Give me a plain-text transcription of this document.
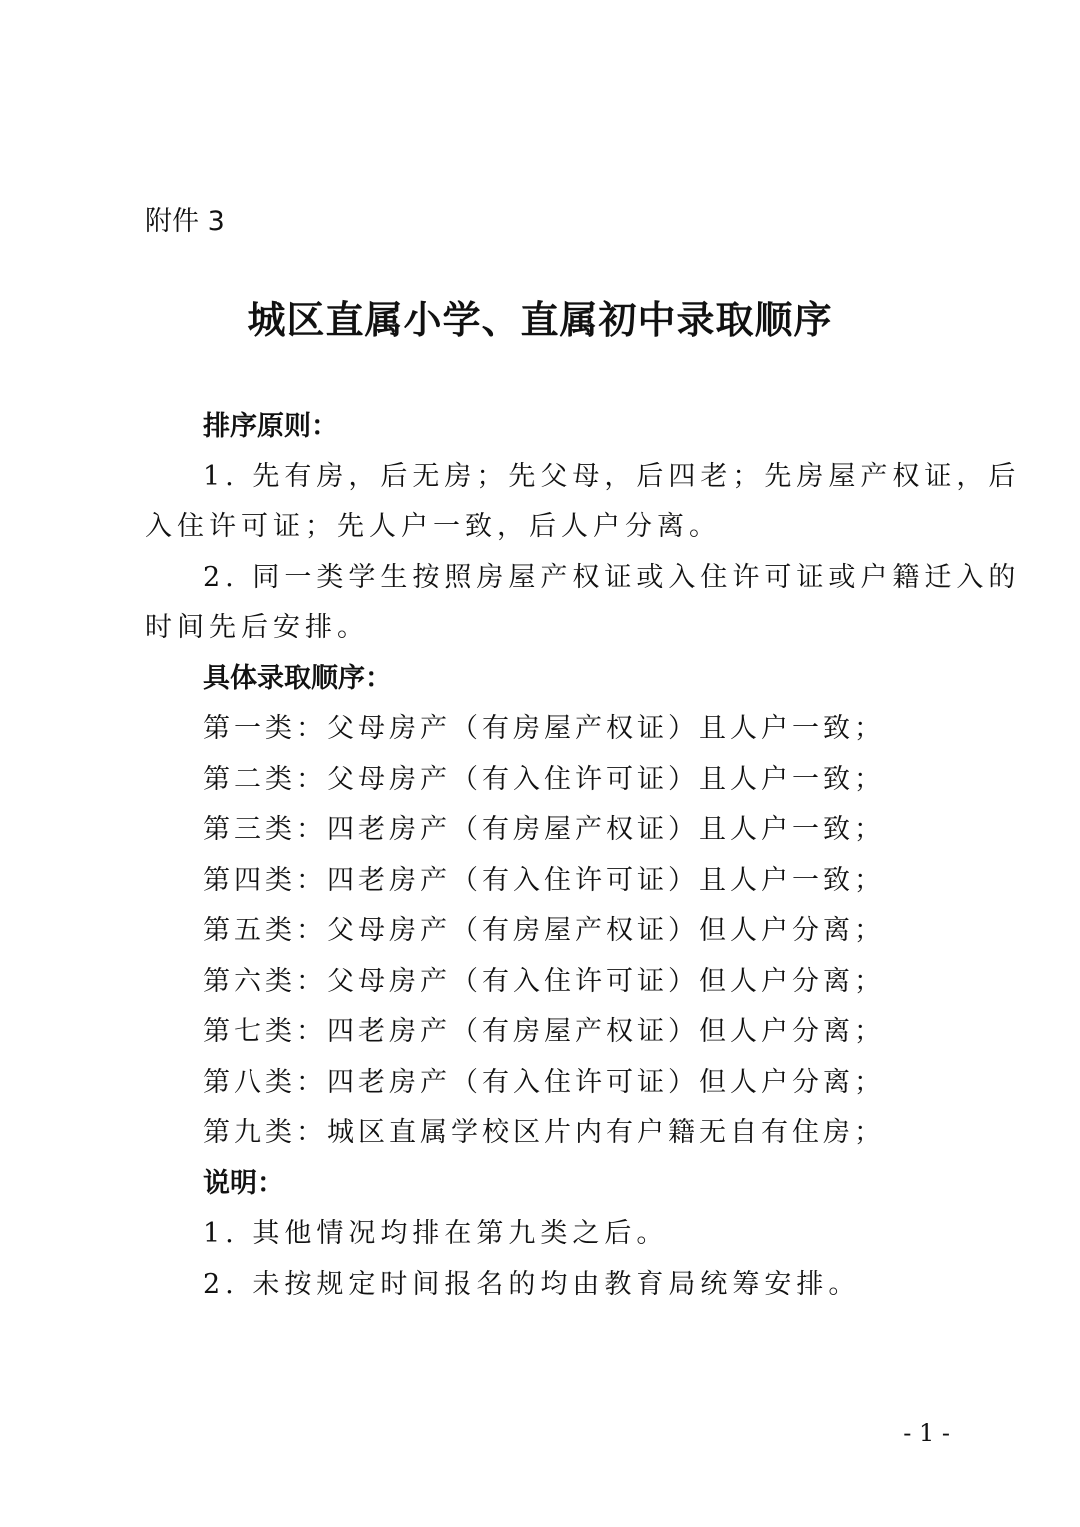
附件 3
城区直属小学、直属初中录取顺序
排序原则：
1. 先有房，后无房；先父母，后四老；先房屋产权证，后
入住许可证；先人户一致，后人户分离。
2. 同一类学生按照房屋产权证或入住许可证或户籍迁入的
时间先后安排。
具体录取顺序：
第一类：父母房产（有房屋产权证）且人户一致；
第二类：父母房产（有入住许可证）且人户一致；
第三类：四老房产（有房屋产权证）且人户一致；
第四类：四老房产（有入住许可证）且人户一致；
第五类：父母房产（有房屋产权证）但人户分离；
第六类：父母房产（有入住许可证）但人户分离；
第七类：四老房产（有房屋产权证）但人户分离；
第八类：四老房产（有入住许可证）但人户分离；
第九类：城区直属学校区片内有户籍无自有住房；
说明：
1. 其他情况均排在第九类之后。
2. 未按规定时间报名的均由教育局统筹安排。
- 1 -
